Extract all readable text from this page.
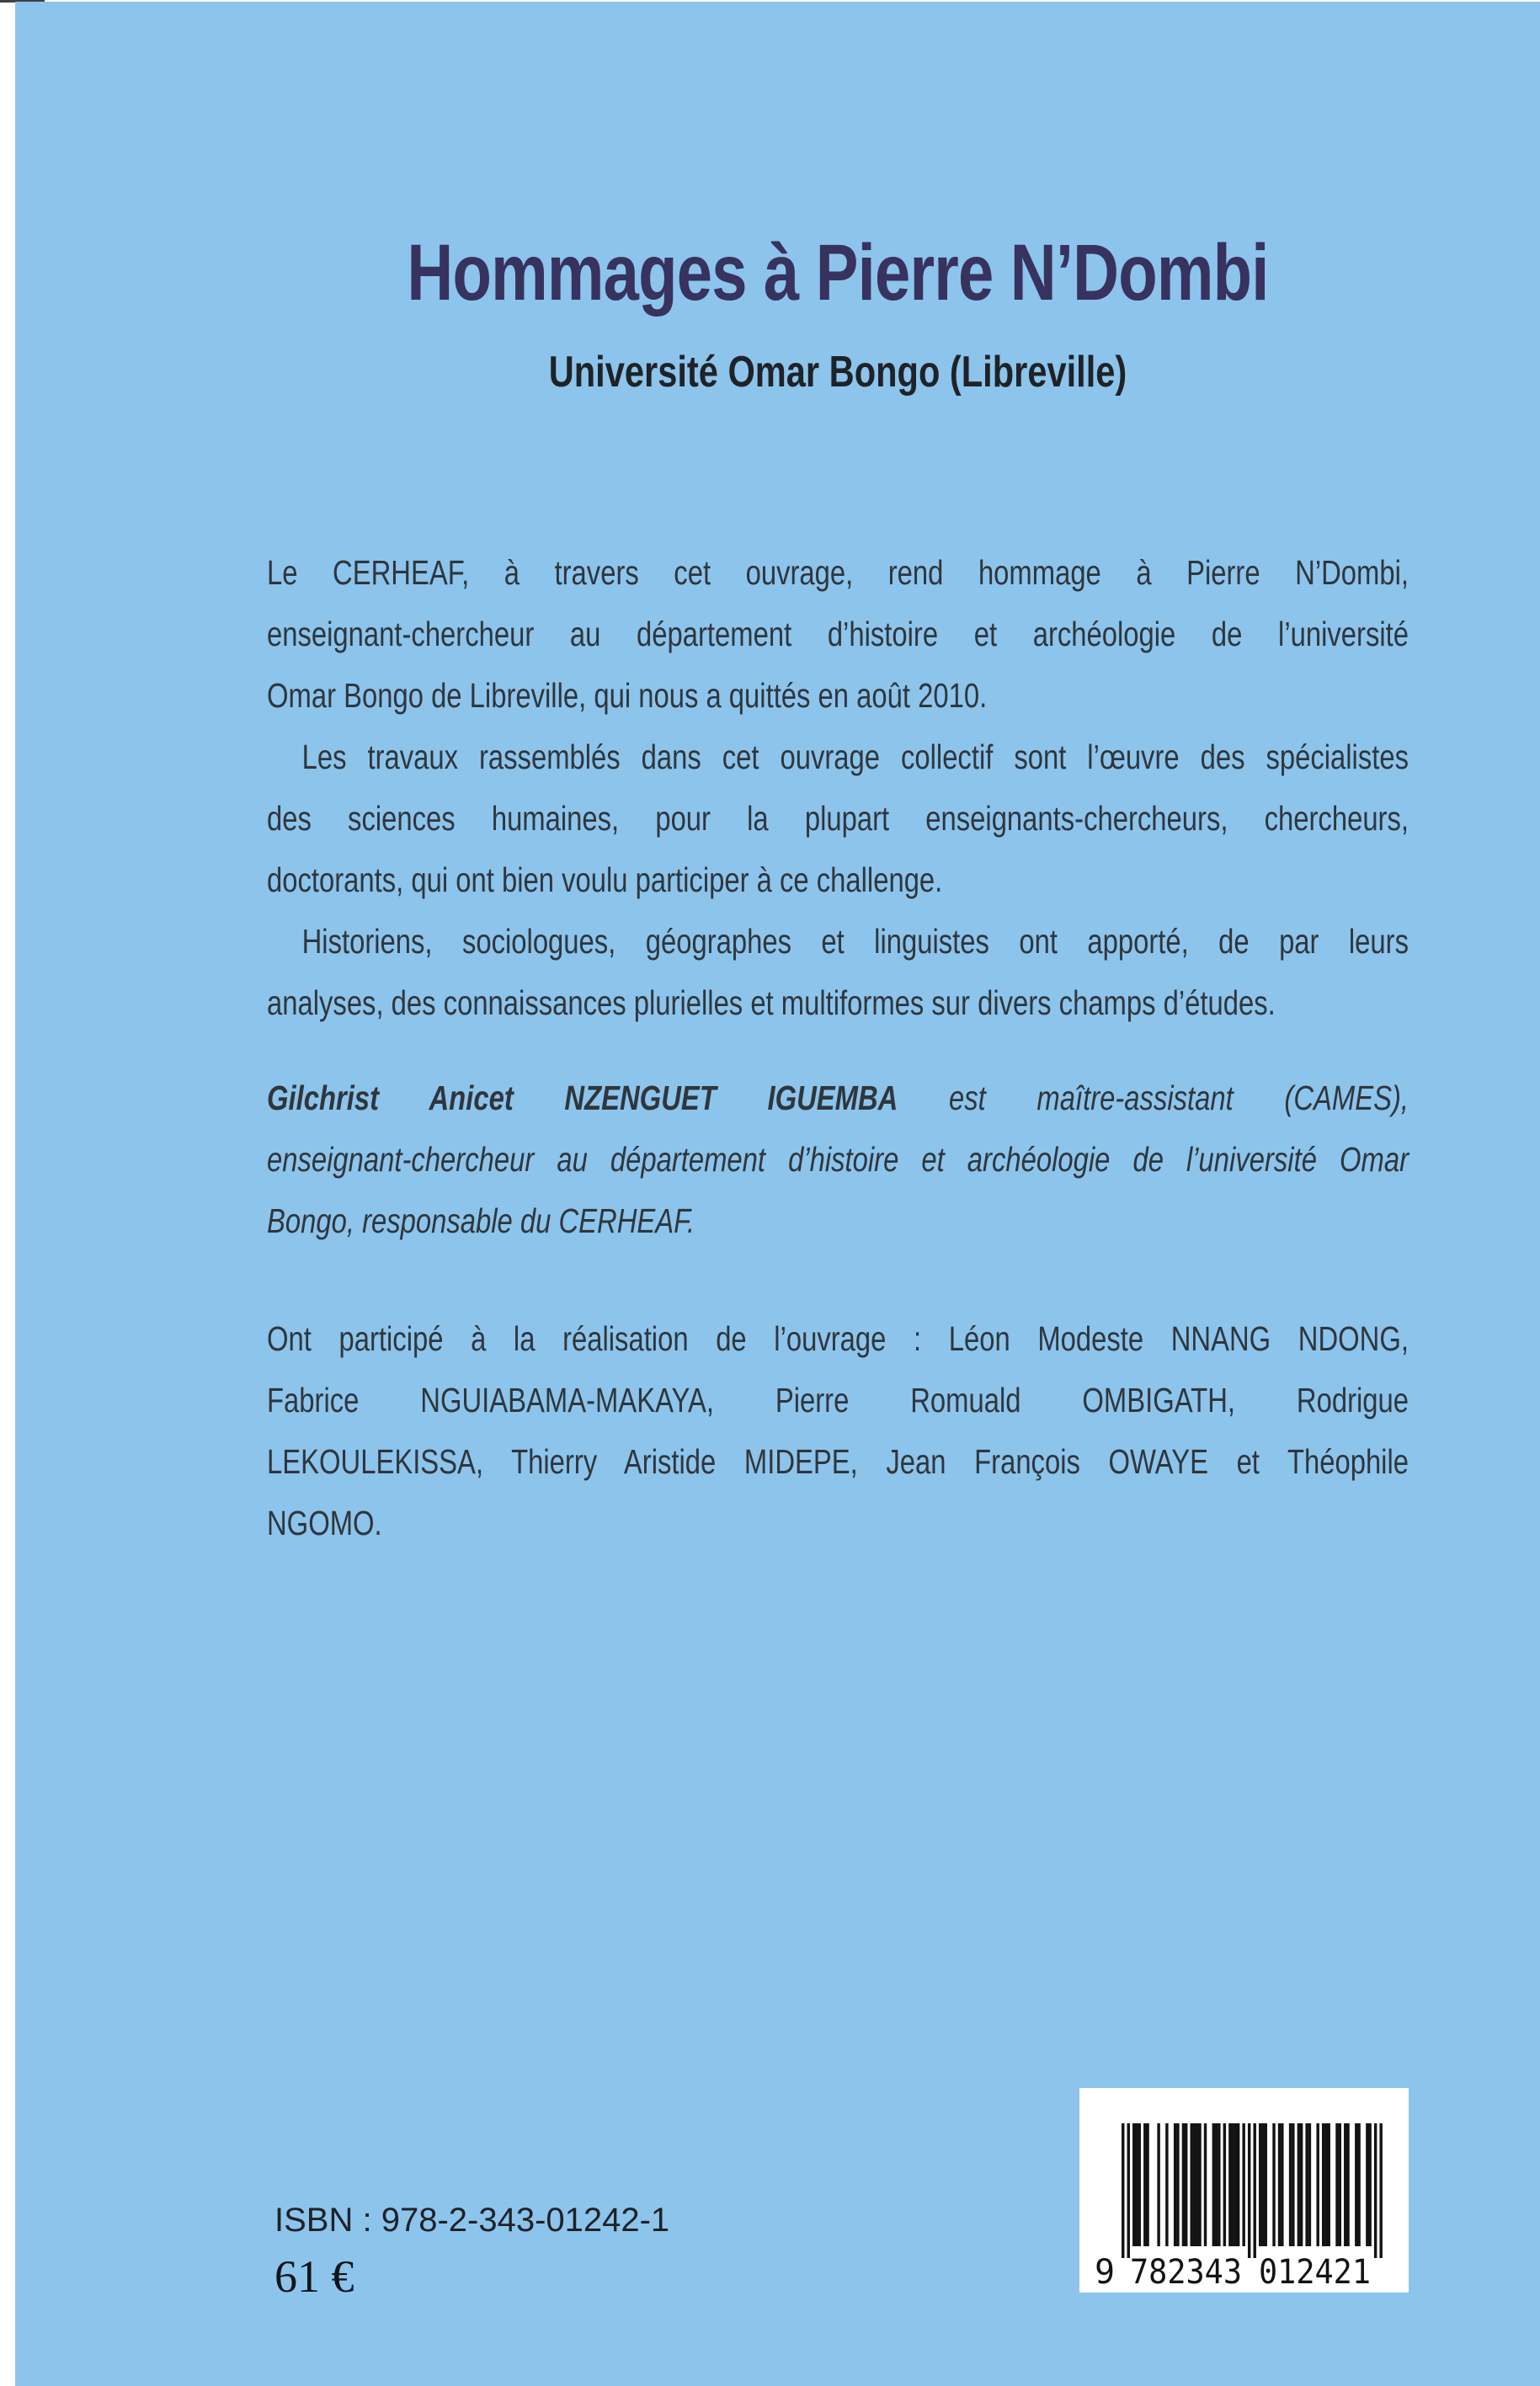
Hommages à Pierre N’Dombi
Université Omar Bongo (Libreville)
Le CERHEAF, à travers cet ouvrage, rend hommage à Pierre N’Dombi,
enseignant-chercheur au département d’histoire et archéologie de l’université
Omar Bongo de Libreville, qui nous a quittés en août 2010.
Les travaux rassemblés dans cet ouvrage collectif sont l’œuvre des spécialistes
des sciences humaines, pour la plupart enseignants-chercheurs, chercheurs,
doctorants, qui ont bien voulu participer à ce challenge.
Historiens, sociologues, géographes et linguistes ont apporté, de par leurs
analyses, des connaissances plurielles et multiformes sur divers champs d’études.
Gilchrist Anicet NZENGUET IGUEMBA est maître-assistant (CAMES),
enseignant-chercheur au département d’histoire et archéologie de l’université Omar
Bongo, responsable du CERHEAF.
Ont participé à la réalisation de l’ouvrage : Léon Modeste NNANG NDONG,
Fabrice NGUIABAMA-MAKAYA, Pierre Romuald OMBIGATH, Rodrigue
LEKOULEKISSA, Thierry Aristide MIDEPE, Jean François OWAYE et Théophile
NGOMO.
ISBN : 978-2-343-01242-1
61 €	9 782343 012421
